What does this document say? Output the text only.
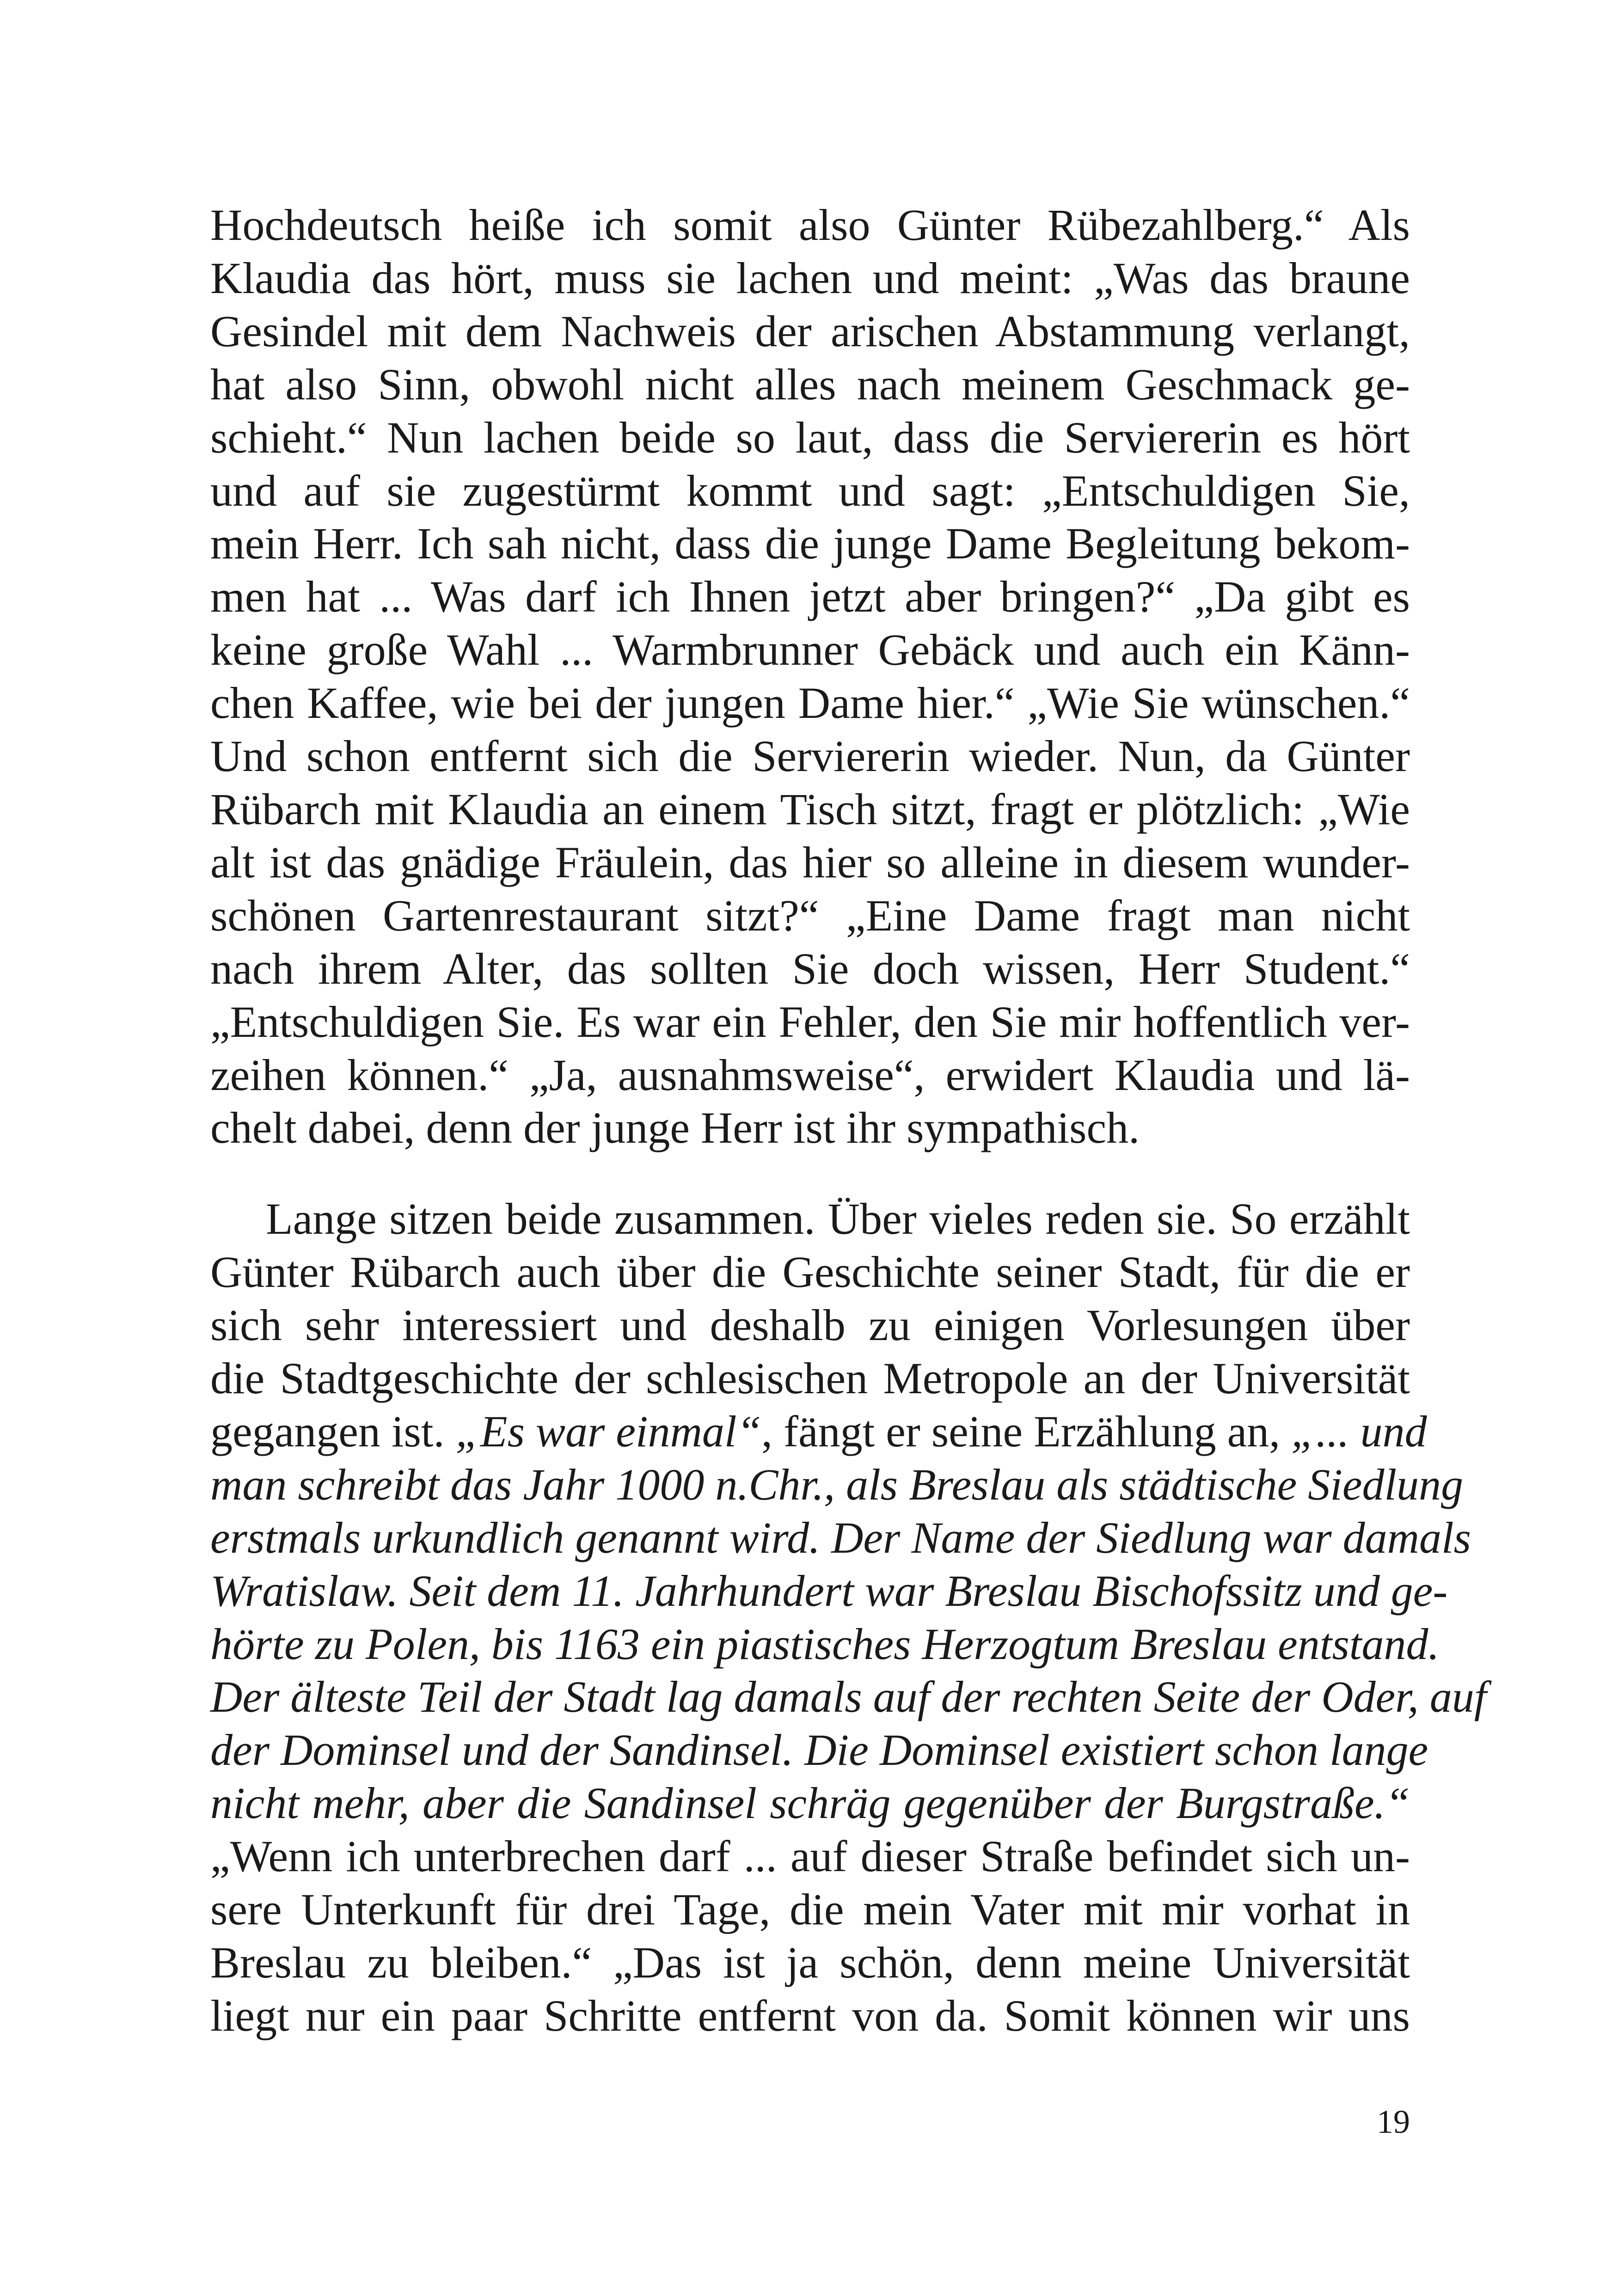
Hochdeutsch heiße ich somit also Günter Rübezahlberg.“ Als
Klaudia das hört, muss sie lachen und meint: „Was das braune
Gesindel mit dem Nachweis der arischen Abstammung verlangt,
hat also Sinn, obwohl nicht alles nach meinem Geschmack ge-
schieht.“ Nun lachen beide so laut, dass die Serviererin es hört
und auf sie zugestürmt kommt und sagt: „Entschuldigen Sie,
mein Herr. Ich sah nicht, dass die junge Dame Begleitung bekom-
men hat ... Was darf ich Ihnen jetzt aber bringen?“ „Da gibt es
keine große Wahl ... Warmbrunner Gebäck und auch ein Känn-
chen Kaffee, wie bei der jungen Dame hier.“ „Wie Sie wünschen.“
Und schon entfernt sich die Serviererin wieder. Nun, da Günter
Rübarch mit Klaudia an einem Tisch sitzt, fragt er plötzlich: „Wie
alt ist das gnädige Fräulein, das hier so alleine in diesem wunder-
schönen Gartenrestaurant sitzt?“ „Eine Dame fragt man nicht
nach ihrem Alter, das sollten Sie doch wissen, Herr Student.“
„Entschuldigen Sie. Es war ein Fehler, den Sie mir hoffentlich ver-
zeihen können.“ „Ja, ausnahmsweise“, erwidert Klaudia und lä-
chelt dabei, denn der junge Herr ist ihr sympathisch.

Lange sitzen beide zusammen. Über vieles reden sie. So erzählt
Günter Rübarch auch über die Geschichte seiner Stadt, für die er
sich sehr interessiert und deshalb zu einigen Vorlesungen über
die Stadtgeschichte der schlesischen Metropole an der Universität
gegangen ist. „Es war einmal“, fängt er seine Erzählung an, „... und
man schreibt das Jahr 1000 n.Chr., als Breslau als städtische Siedlung
erstmals urkundlich genannt wird. Der Name der Siedlung war damals
Wratislaw. Seit dem 11. Jahrhundert war Breslau Bischofssitz und ge-
hörte zu Polen, bis 1163 ein piastisches Herzogtum Breslau entstand.
Der älteste Teil der Stadt lag damals auf der rechten Seite der Oder, auf
der Dominsel und der Sandinsel. Die Dominsel existiert schon lange
nicht mehr, aber die Sandinsel schräg gegenüber der Burgstraße.“
„Wenn ich unterbrechen darf ... auf dieser Straße befindet sich un-
sere Unterkunft für drei Tage, die mein Vater mit mir vorhat in
Breslau zu bleiben.“ „Das ist ja schön, denn meine Universität
liegt nur ein paar Schritte entfernt von da. Somit können wir uns

19
